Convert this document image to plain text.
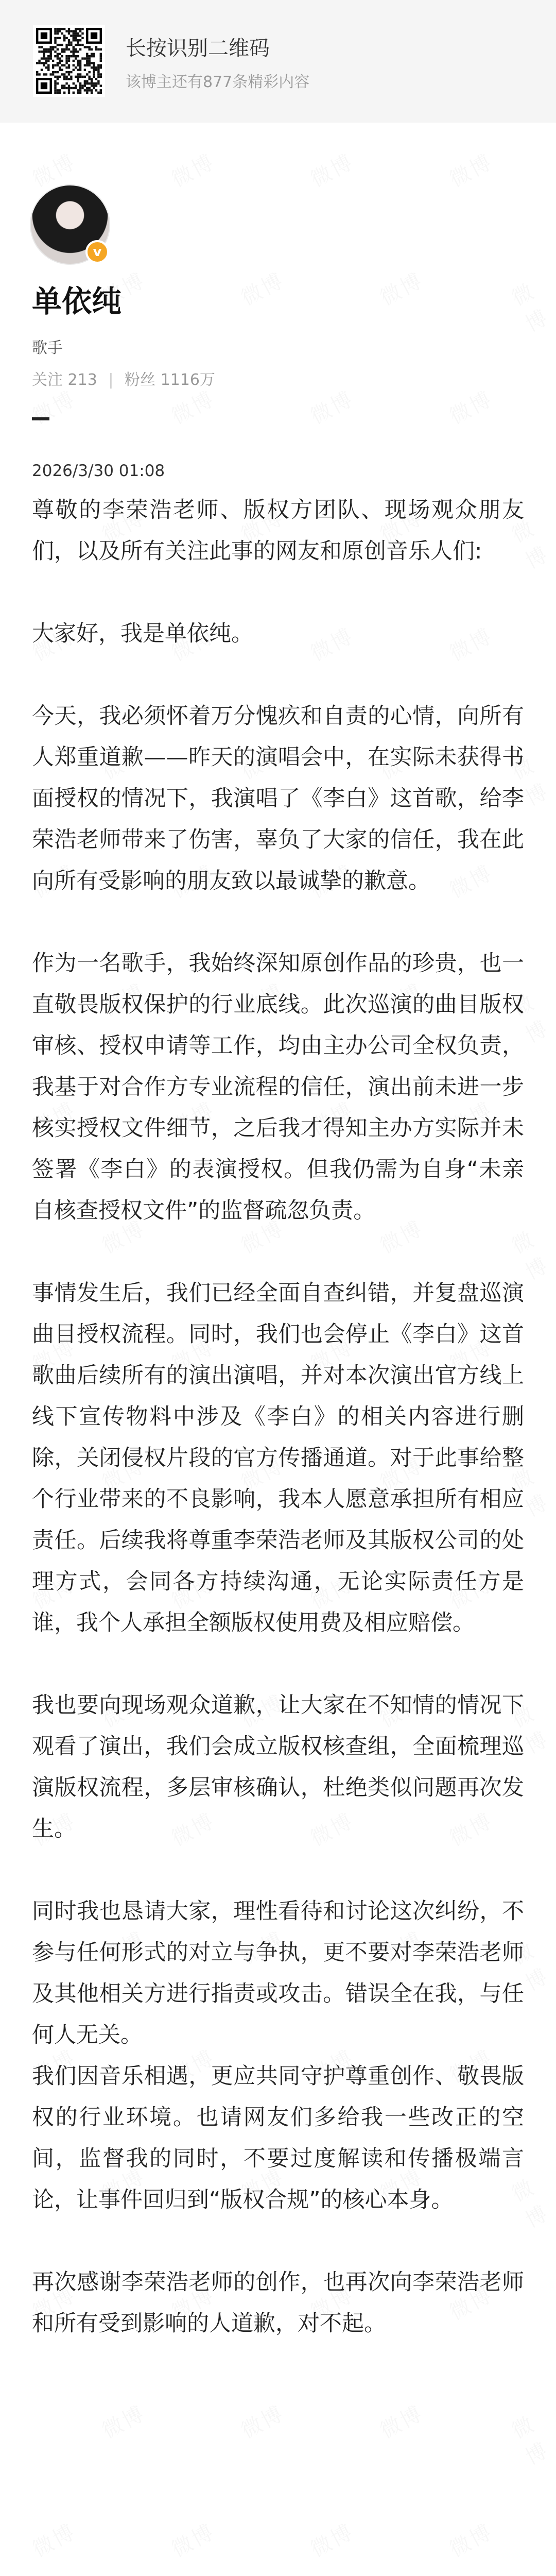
长按识别二维码
该博主还有877条精彩内容
v
单依纯
歌手
关注 213 | 粉丝 1116万
2026/3/30 01:08

尊敬的李荣浩老师、版权方团队、现场观众朋友们，以及所有关注此事的网友和原创音乐人们:

大家好，我是单依纯。

今天，我必须怀着万分愧疚和自责的心情，向所有人郑重道歉——昨天的演唱会中，在实际未获得书面授权的情况下，我演唱了《李白》这首歌，给李荣浩老师带来了伤害，辜负了大家的信任，我在此向所有受影响的朋友致以最诚挚的歉意。

作为一名歌手，我始终深知原创作品的珍贵，也一直敬畏版权保护的行业底线。此次巡演的曲目版权审核、授权申请等工作，均由主办公司全权负责，我基于对合作方专业流程的信任，演出前未进一步核实授权文件细节，之后我才得知主办方实际并未签署《李白》的表演授权。但我仍需为自身“未亲自核查授权文件”的监督疏忽负责。

事情发生后，我们已经全面自查纠错，并复盘巡演曲目授权流程。同时，我们也会停止《李白》这首歌曲后续所有的演出演唱，并对本次演出官方线上线下宣传物料中涉及《李白》的相关内容进行删除，关闭侵权片段的官方传播通道。对于此事给整个行业带来的不良影响，我本人愿意承担所有相应责任。后续我将尊重李荣浩老师及其版权公司的处理方式，会同各方持续沟通，无论实际责任方是谁，我个人承担全额版权使用费及相应赔偿。

我也要向现场观众道歉，让大家在不知情的情况下观看了演出，我们会成立版权核查组，全面梳理巡演版权流程，多层审核确认，杜绝类似问题再次发生。

同时我也恳请大家，理性看待和讨论这次纠纷，不参与任何形式的对立与争执，更不要对李荣浩老师及其他相关方进行指责或攻击。错误全在我，与任何人无关。

我们因音乐相遇，更应共同守护尊重创作、敬畏版权的行业环境。也请网友们多给我一些改正的空间，监督我的同时，不要过度解读和传播极端言论，让事件回归到“版权合规”的核心本身。

再次感谢李荣浩老师的创作，也再次向李荣浩老师和所有受到影响的人道歉，对不起。
